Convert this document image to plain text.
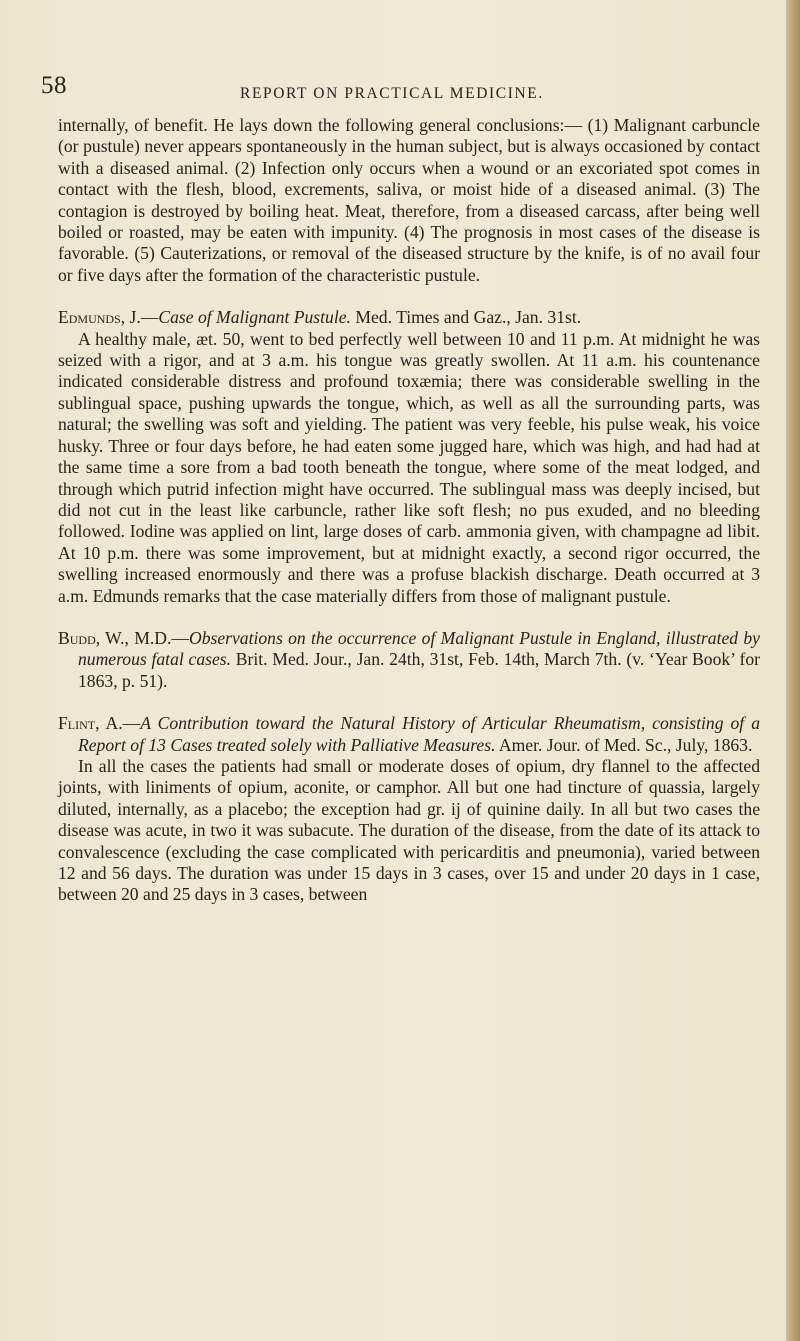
58	REPORT ON PRACTICAL MEDICINE.

internally, of benefit. He lays down the following general conclusions:— (1) Malignant carbuncle (or pustule) never appears spontaneously in the human subject, but is always occasioned by contact with a diseased animal. (2) Infection only occurs when a wound or an excoriated spot comes in contact with the flesh, blood, excrements, saliva, or moist hide of a diseased animal. (3) The contagion is destroyed by boiling heat. Meat, therefore, from a diseased carcass, after being well boiled or roasted, may be eaten with impunity. (4) The prognosis in most cases of the disease is favorable. (5) Cauterizations, or removal of the diseased structure by the knife, is of no avail four or five days after the formation of the characteristic pustule.

Edmunds, J.—Case of Malignant Pustule. Med. Times and Gaz., Jan. 31st.

A healthy male, æt. 50, went to bed perfectly well between 10 and 11 p.m. At midnight he was seized with a rigor, and at 3 a.m. his tongue was greatly swollen. At 11 a.m. his countenance indicated considerable distress and profound toxæmia; there was considerable swelling in the sublingual space, pushing upwards the tongue, which, as well as all the surrounding parts, was natural; the swelling was soft and yielding. The patient was very feeble, his pulse weak, his voice husky. Three or four days before, he had eaten some jugged hare, which was high, and had had at the same time a sore from a bad tooth beneath the tongue, where some of the meat lodged, and through which putrid infection might have occurred. The sublingual mass was deeply incised, but did not cut in the least like carbuncle, rather like soft flesh; no pus exuded, and no bleeding followed. Iodine was applied on lint, large doses of carb. ammonia given, with champagne ad libit. At 10 p.m. there was some improvement, but at midnight exactly, a second rigor occurred, the swelling increased enormously and there was a profuse blackish discharge. Death occurred at 3 a.m. Edmunds remarks that the case materially differs from those of malignant pustule.

Budd, W., M.D.—Observations on the occurrence of Malignant Pustule in England, illustrated by numerous fatal cases. Brit. Med. Jour., Jan. 24th, 31st, Feb. 14th, March 7th. (v. ‘Year Book’ for 1863, p. 51).

Flint, A.—A Contribution toward the Natural History of Articular Rheumatism, consisting of a Report of 13 Cases treated solely with Palliative Measures. Amer. Jour. of Med. Sc., July, 1863.

In all the cases the patients had small or moderate doses of opium, dry flannel to the affected joints, with liniments of opium, aconite, or camphor. All but one had tincture of quassia, largely diluted, internally, as a placebo; the exception had gr. ij of quinine daily. In all but two cases the disease was acute, in two it was subacute. The duration of the disease, from the date of its attack to convalescence (excluding the case complicated with pericarditis and pneumonia), varied between 12 and 56 days. The duration was under 15 days in 3 cases, over 15 and under 20 days in 1 case, between 20 and 25 days in 3 cases, between
